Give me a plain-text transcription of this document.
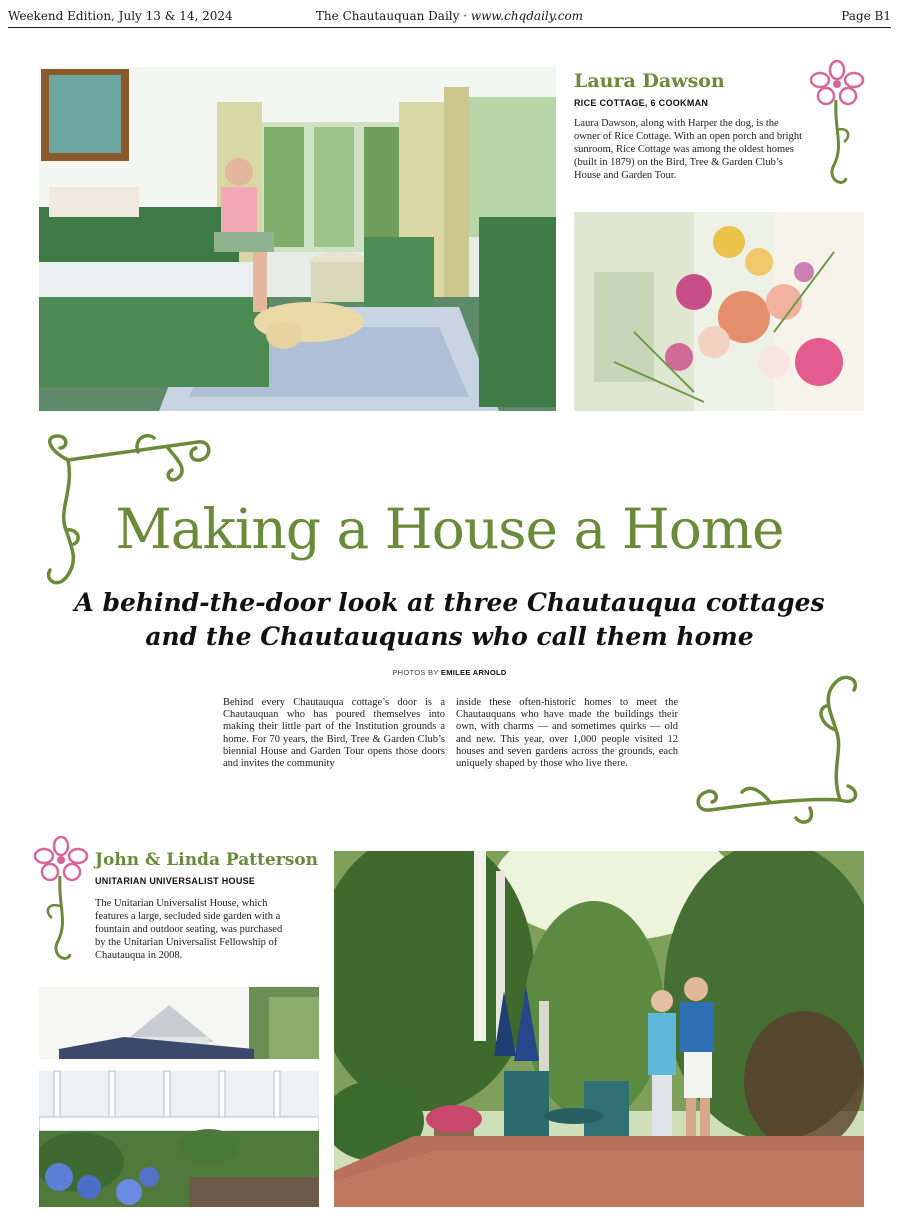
Weekend Edition, July 13 & 14, 2024	The Chautauquan Daily · www.chqdaily.com	Page B1
Laura Dawson
RICE COTTAGE, 6 COOKMAN
Laura Dawson, along with Harper the dog, is the owner of Rice Cottage. With an open porch and bright sunroom, Rice Cottage was among the oldest homes (built in 1879) on the Bird, Tree & Garden Club’s House and Garden Tour.
Making a House a Home
A behind-the-door look at three Chautauqua cottages
and the Chautauquans who call them home
PHOTOS BY EMILEE ARNOLD
Behind every Chautauqua cottage’s door is a Chautauquan who has poured themselves into making their little part of the Institution grounds a home. For 70 years, the Bird, Tree & Garden Club’s biennial House and Garden Tour opens those doors and invites the community
inside these often-historic homes to meet the Chautauquans who have made the buildings their own, with charms — and sometimes quirks — old and new. This year, over 1,000 people visited 12 houses and seven gardens across the grounds, each uniquely shaped by those who live there.
John & Linda Patterson
UNITARIAN UNIVERSALIST HOUSE
The Unitarian Universalist House, which features a large, secluded side garden with a fountain and outdoor seating, was purchased by the Unitarian Universalist Fellowship of Chautauqua in 2008.
